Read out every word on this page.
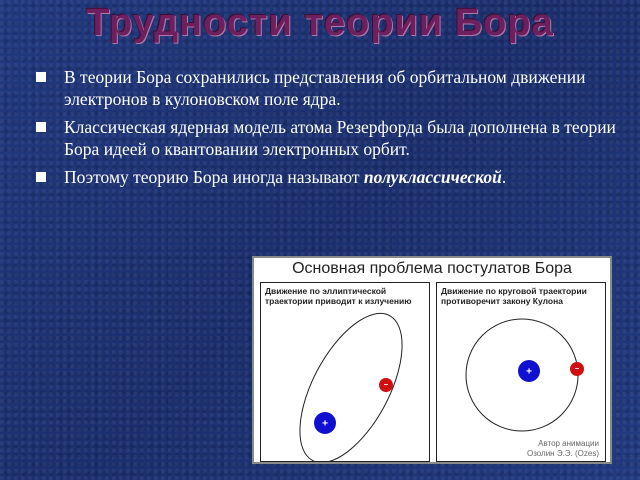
Трудности теории Бора
В теории Бора сохранились представления об орбитальном движении электронов в кулоновском поле ядра.
Классическая ядерная модель атома Резерфорда была дополнена в теории Бора идеей о квантовании электронных орбит.
Поэтому теорию Бора иногда называют полуклассической.
Основная проблема постулатов Бора
Движение по эллиптической траектории приводит к излучению
+
–
Движение по круговой траектории противоречит закону Кулона
+	–
Автор анимации
Озолин Э.Э. (Ozes)
